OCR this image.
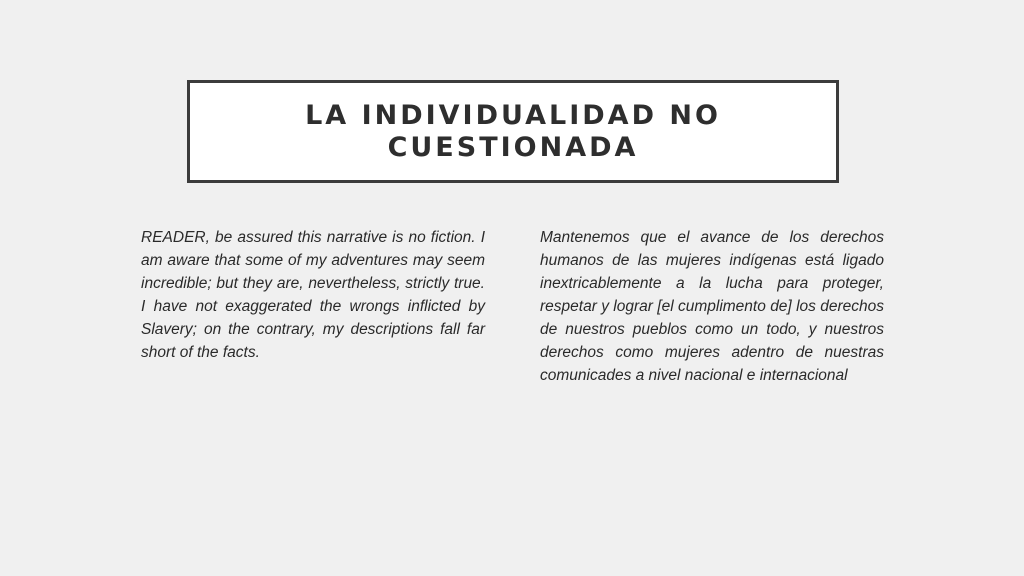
LA INDIVIDUALIDAD NO
CUESTIONADA
READER, be assured this narrative is no fiction. I am aware that some of my adventures may seem incredible; but they are, nevertheless, strictly true. I have not exaggerated the wrongs inflicted by Slavery; on the contrary, my descriptions fall far short of the facts.
Mantenemos que el avance de los derechos humanos de las mujeres indígenas está ligado inextricablemente a la lucha para proteger, respetar y lograr [el cumplimento de] los derechos de nuestros pueblos como un todo, y nuestros derechos como mujeres adentro de nuestras comunicades a nivel nacional e internacional
